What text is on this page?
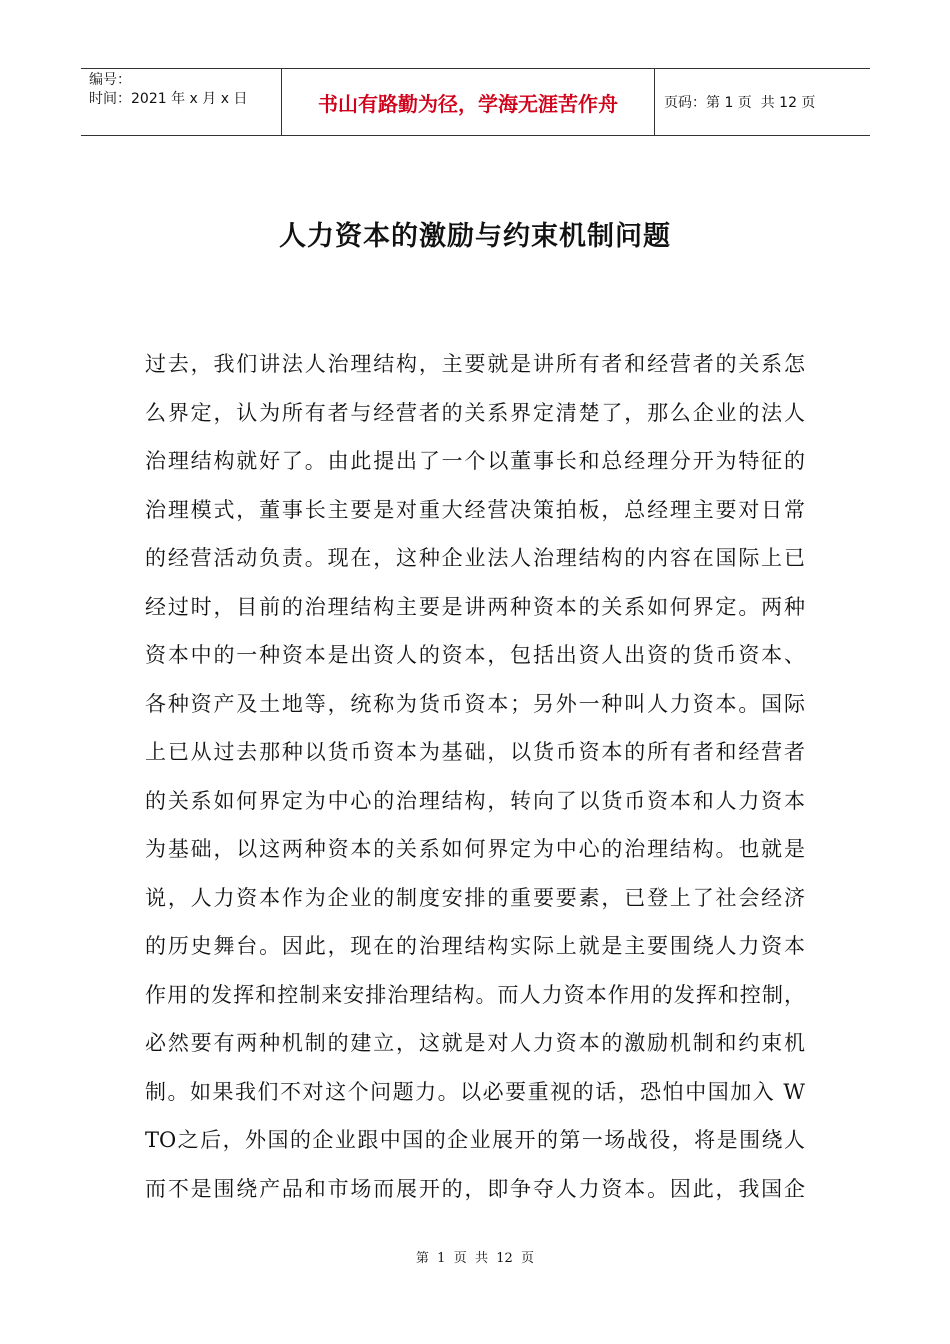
编号：
时间：2021 年 x 月 x 日	书山有路勤为径，学海无涯苦作舟	页码：第 1 页  共 12 页
人力资本的激励与约束机制问题
过去，我们讲法人治理结构，主要就是讲所有者和经营者的关系怎
么界定，认为所有者与经营者的关系界定清楚了，那么企业的法人
治理结构就好了。由此提出了一个以董事长和总经理分开为特征的
治理模式，董事长主要是对重大经营决策拍板，总经理主要对日常
的经营活动负责。现在，这种企业法人治理结构的内容在国际上已
经过时，目前的治理结构主要是讲两种资本的关系如何界定。两种
资本中的一种资本是出资人的资本，包括出资人出资的货币资本、
各种资产及土地等，统称为货币资本；另外一种叫人力资本。国际
上已从过去那种以货币资本为基础，以货币资本的所有者和经营者
的关系如何界定为中心的治理结构，转向了以货币资本和人力资本
为基础，以这两种资本的关系如何界定为中心的治理结构。也就是
说，人力资本作为企业的制度安排的重要要素，已登上了社会经济
的历史舞台。因此，现在的治理结构实际上就是主要围绕人力资本
作用的发挥和控制来安排治理结构。而人力资本作用的发挥和控制，
必然要有两种机制的建立，这就是对人力资本的激励机制和约束机
制。如果我们不对这个问题力。以必要重视的话，恐怕中国加入 W
TO之后，外国的企业跟中国的企业展开的第一场战役，将是围绕人
而不是围绕产品和市场而展开的，即争夺人力资本。因此，我国企
第  1  页  共  12  页
